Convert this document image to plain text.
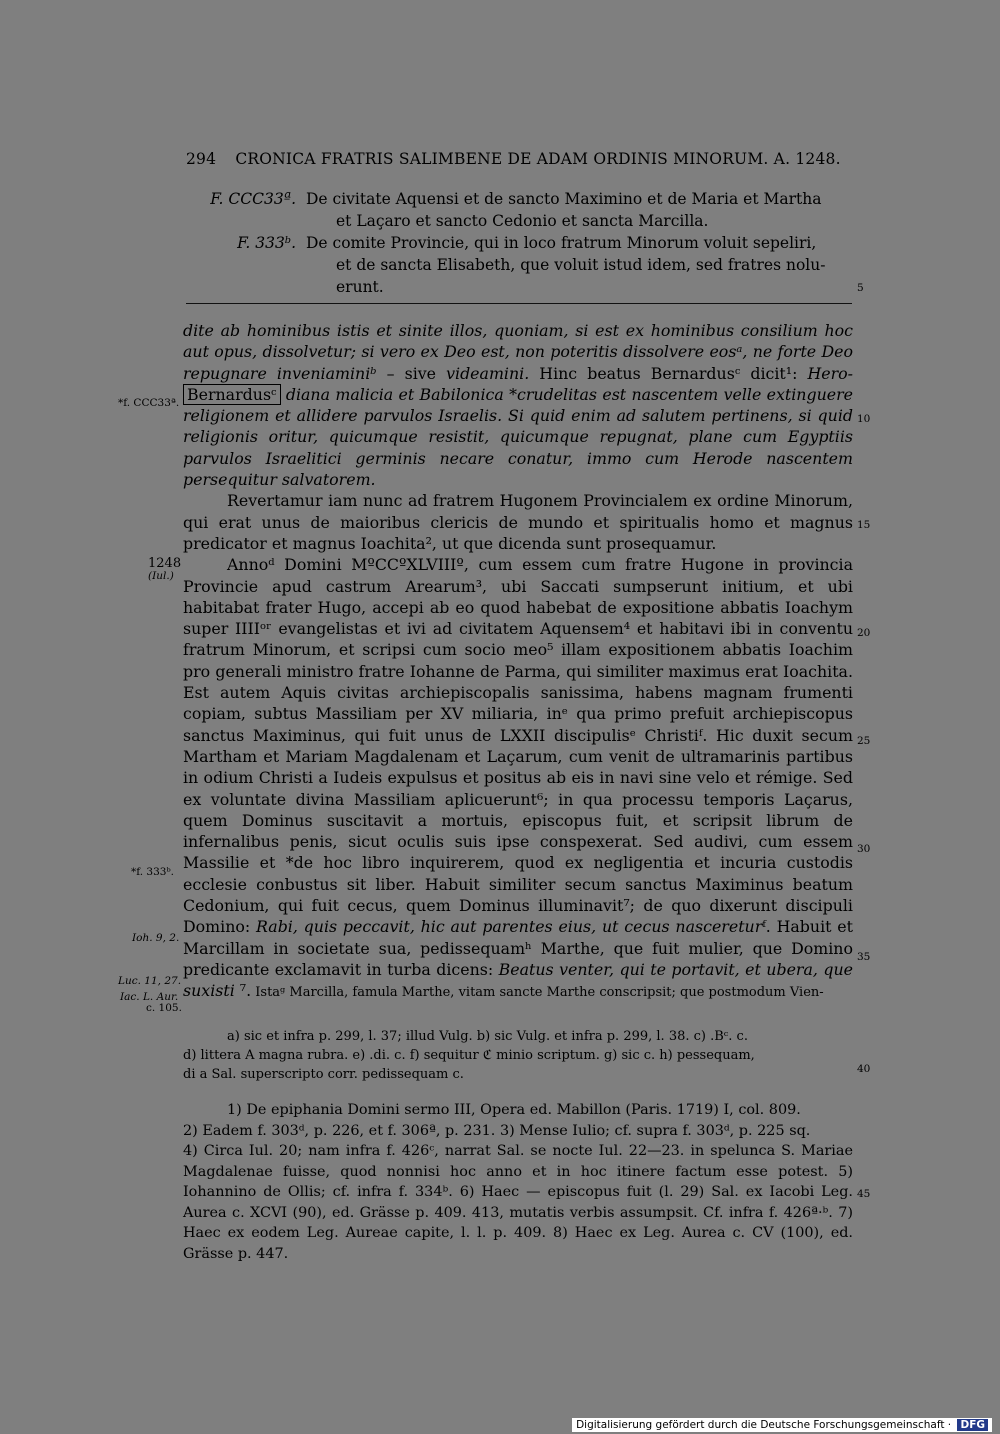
294 CRONICA FRATRIS SALIMBENE DE ADAM ORDINIS MINORUM. A. 1248.
F. CCC33ª. De civitate Aquensi et de sancto Maximino et de Maria et Martha
et Laçaro et sancto Cedonio et sancta Marcilla.
F. 333ᵇ. De comite Provincie, qui in loco fratrum Minorum voluit sepeliri,
et de sancta Elisabeth, que voluit istud idem, sed fratres nolu-
erunt.	5

dite ab hominibus istis et sinite illos, quoniam, si est ex hominibus consilium hoc aut opus, dissolvetur; si vero ex Deo est, non poteritis dissolvere eosᵃ, ne forte Deo repugnare inveniaminiᵇ – sive videamini. Hinc beatus Bernardusᶜ dicit¹: Hero- Bernardusᶜ diana malicia et Babilonica *crudelitas est nascentem velle extinguere religionem et allidere parvulos Israelis. Si quid enim ad salutem pertinens, si quid religionis oritur, quicumque resistit, quicumque repugnat, plane cum Egyptiis parvulos Israelitici germinis necare conatur, immo cum Herode nascentem persequitur salvatorem.

Revertamur iam nunc ad fratrem Hugonem Provincialem ex ordine Minorum, qui erat unus de maioribus clericis de mundo et spiritualis homo et magnus predicator et magnus Ioachita², ut que dicenda sunt prosequamur.

Annoᵈ Domini MºCCºXLVIIIº, cum essem cum fratre Hugone in provincia Provincie apud castrum Arearum³, ubi Saccati sumpserunt initium, et ubi habitabat frater Hugo, accepi ab eo quod habebat de expositione abbatis Ioachym super IIIIᵒʳ evangelistas et ivi ad civitatem Aquensem⁴ et habitavi ibi in conventu fratrum Minorum, et scripsi cum socio meo⁵ illam expositionem abbatis Ioachim pro generali ministro fratre Iohanne de Parma, qui similiter maximus erat Ioachita. Est autem Aquis civitas archiepiscopalis sanissima, habens magnam frumenti copiam, subtus Massiliam per XV miliaria, inᵉ qua primo prefuit archiepiscopus sanctus Maximinus, qui fuit unus de LXXII discipulisᵉ Christiᶠ. Hic duxit secum Martham et Mariam Magdalenam et Laçarum, cum venit de ultramarinis partibus in odium Christi a Iudeis expulsus et positus ab eis in navi sine velo et rémige. Sed ex voluntate divina Massiliam aplicuerunt⁶; in qua processu temporis Laçarus, quem Dominus suscitavit a mortuis, episcopus fuit, et scripsit librum de infernalibus penis, sicut oculis suis ipse conspexerat. Sed audivi, cum essem Massilie et *de hoc libro inquirerem, quod ex negligentia et incuria custodis ecclesie conbustus sit liber. Habuit similiter secum sanctus Maximinus beatum Cedonium, qui fuit cecus, quem Dominus illuminavit⁷; de quo dixerunt discipuli Domino: Rabi, quis peccavit, hic aut parentes eius, ut cecus nascereturᶠ. Habuit et Marcillam in societate sua, pedissequamʰ Marthe, que fuit mulier, que Domino predicante exclamavit in turba dicens: Beatus venter, qui te portavit, et ubera, que suxisti ⁷. Istaᵍ Marcilla, famula Marthe, vitam sancte Marthe conscripsit; que postmodum Vien-

*f. CCC33ª.
1248
(Iul.)
*f. 333ᵇ.
Ioh. 9, 2.
Luc. 11, 27.
Iac. L. Aur.
c. 105.
10
15
20
25
30
35
40
45

a) sic et infra p. 299, l. 37; illud Vulg. b) sic Vulg. et infra p. 299, l. 38. c) .Bᶜ. c.

d) littera A magna rubra. e) .di. c. f) sequitur ℭ minio scriptum. g) sic c. h) pessequam,

di a Sal. superscripto corr. pedissequam c.

1) De epiphania Domini sermo III, Opera ed. Mabillon (Paris. 1719) I, col. 809.

2) Eadem f. 303ᵈ, p. 226, et f. 306ª, p. 231. 3) Mense Iulio; cf. supra f. 303ᵈ, p. 225 sq.

4) Circa Iul. 20; nam infra f. 426ᶜ, narrat Sal. se nocte Iul. 22—23. in spelunca S. Mariae Magdalenae fuisse, quod nonnisi hoc anno et in hoc itinere factum esse potest. 5) Iohannino de Ollis; cf. infra f. 334ᵇ. 6) Haec — episcopus fuit (l. 29) Sal. ex Iacobi Leg. Aurea c. XCVI (90), ed. Grässe p. 409. 413, mutatis verbis assumpsit. Cf. infra f. 426ª·ᵇ. 7) Haec ex eodem Leg. Aureae capite, l. l. p. 409. 8) Haec ex Leg. Aurea c. CV (100), ed. Grässe p. 447.

Digitalisierung gefördert durch die Deutsche Forschungsgemeinschaft · DFG
